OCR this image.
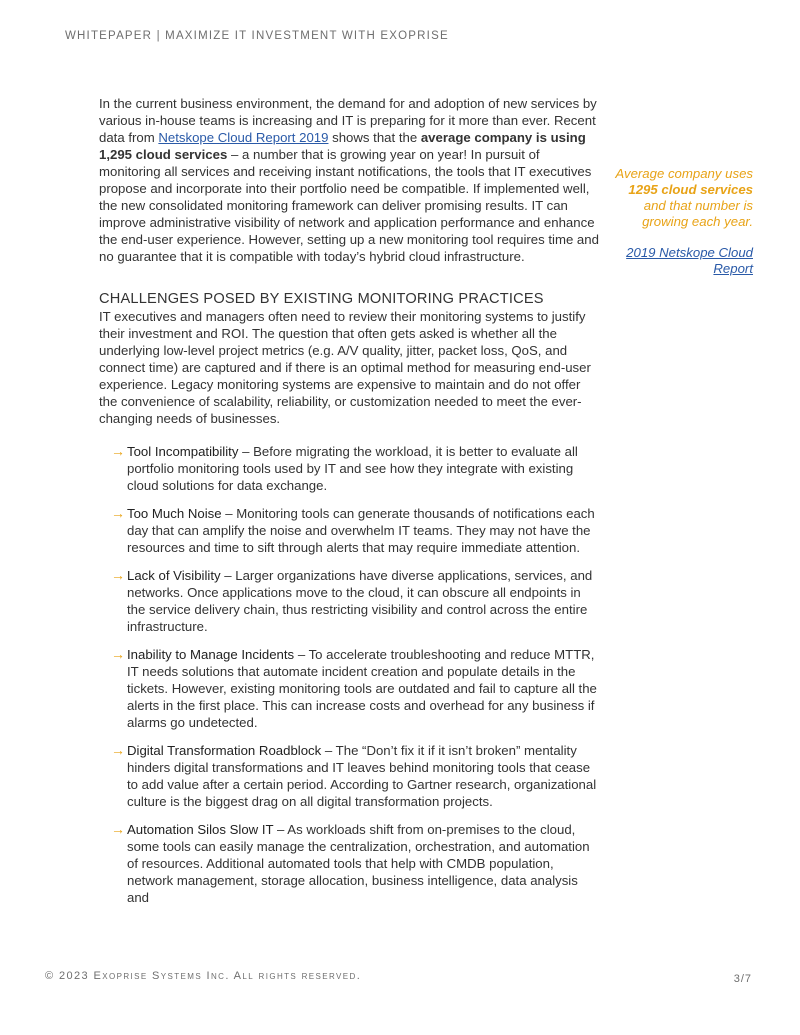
WHITEPAPER | MAXIMIZE IT INVESTMENT WITH EXOPRISE

In the current business environment, the demand for and adoption of new services by various in-house teams is increasing and IT is preparing for it more than ever. Recent data from Netskope Cloud Report 2019 shows that the average company is using 1,295 cloud services – a number that is growing year on year! In pursuit of monitoring all services and receiving instant notifications, the tools that IT executives propose and incorporate into their portfolio need be compatible. If implemented well, the new consolidated monitoring framework can deliver promising results. IT can improve administrative visibility of network and application performance and enhance the end-user experience. However, setting up a new monitoring tool requires time and no guarantee that it is compatible with today’s hybrid cloud infrastructure.

CHALLENGES POSED BY EXISTING MONITORING PRACTICES

IT executives and managers often need to review their monitoring systems to justify their investment and ROI. The question that often gets asked is whether all the underlying low-level project metrics (e.g. A/V quality, jitter, packet loss, QoS, and connect time) are captured and if there is an optimal method for measuring end-user experience. Legacy monitoring systems are expensive to maintain and do not offer the convenience of scalability, reliability, or customization needed to meet the ever-changing needs of businesses.

→ Tool Incompatibility – Before migrating the workload, it is better to evaluate all portfolio monitoring tools used by IT and see how they integrate with existing cloud solutions for data exchange.
→ Too Much Noise – Monitoring tools can generate thousands of notifications each day that can amplify the noise and overwhelm IT teams. They may not have the resources and time to sift through alerts that may require immediate attention.
→ Lack of Visibility – Larger organizations have diverse applications, services, and networks. Once applications move to the cloud, it can obscure all endpoints in the service delivery chain, thus restricting visibility and control across the entire infrastructure.
→ Inability to Manage Incidents – To accelerate troubleshooting and reduce MTTR, IT needs solutions that automate incident creation and populate details in the tickets. However, existing monitoring tools are outdated and fail to capture all the alerts in the first place. This can increase costs and overhead for any business if alarms go undetected.
→ Digital Transformation Roadblock – The “Don’t fix it if it isn’t broken” mentality hinders digital transformations and IT leaves behind monitoring tools that cease to add value after a certain period. According to Gartner research, organizational culture is the biggest drag on all digital transformation projects.
→ Automation Silos Slow IT – As workloads shift from on-premises to the cloud, some tools can easily manage the centralization, orchestration, and automation of resources. Additional automated tools that help with CMDB population, network management, storage allocation, business intelligence, data analysis and
Average company uses 1295 cloud services and that number is growing each year.
2019 Netskope Cloud Report
© 2023 Exoprise Systems Inc. All rights reserved.	3/7
